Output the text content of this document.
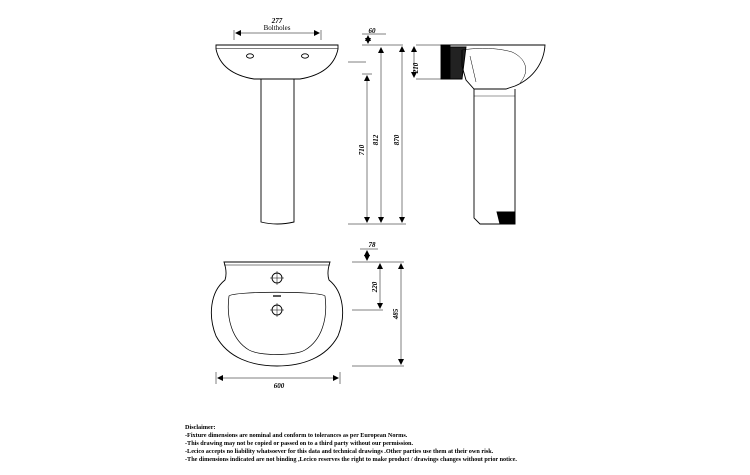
277
Boltholes	60
710
812 870
210
600
78
220
485
Disclaimer:
-Fixture dimensions are nominal and conform to tolerances as per European Norms.
-This drawing may not be copied or passed on to a third party without our permission.
-Lecico accepts no liability whatsoever for this data and technical drawings .Other parties use them at their own risk.
-The dimensions indicated are not binding ,Lecico reserves the right to make product / drawings changes without prior notice.
